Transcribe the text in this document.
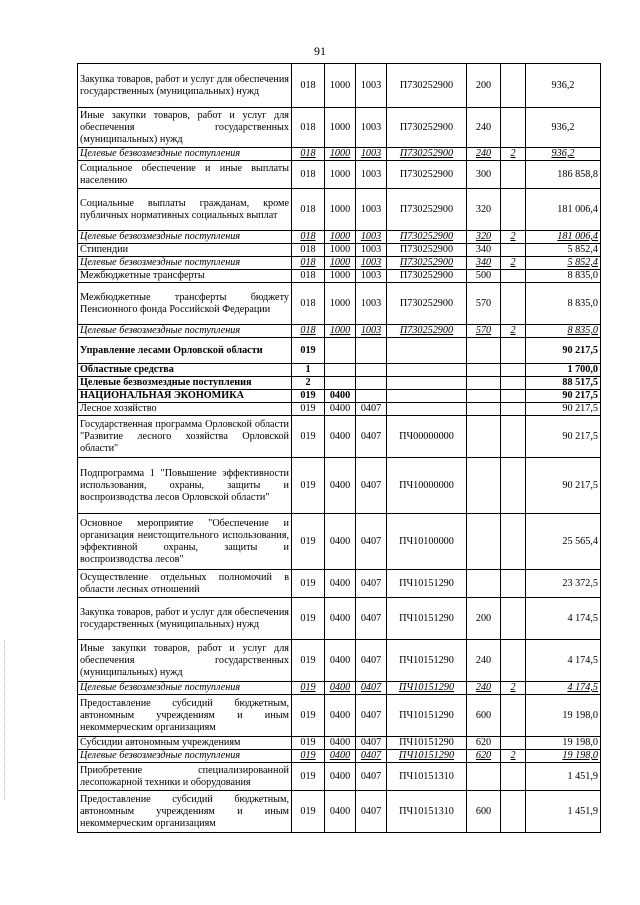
91
Закупка товаров, работ и услуг для обеспечения государственных (муниципальных) нужд	018	1000	1003	П730252900	200		936,2
Иные закупки товаров, работ и услуг для обеспечения государственных (муниципальных) нужд	018	1000	1003	П730252900	240		936,2
Целевые безвозмездные поступления	018	1000	1003	П730252900	240	2	936,2
Социальное обеспечение и иные выплаты населению	018	1000	1003	П730252900	300		186 858,8
Социальные выплаты гражданам, кроме публичных нормативных социальных выплат	018	1000	1003	П730252900	320		181 006,4
Целевые безвозмездные поступления	018	1000	1003	П730252900	320	2	181 006,4
Стипендии	018	1000	1003	П730252900	340		5 852,4
Целевые безвозмездные поступления	018	1000	1003	П730252900	340	2	5 852,4
Межбюджетные трансферты	018	1000	1003	П730252900	500		8 835,0
Межбюджетные трансферты бюджету Пенсионного фонда Российской Федерации	018	1000	1003	П730252900	570		8 835,0
Целевые безвозмездные поступления	018	1000	1003	П730252900	570	2	8 835,0
Управление лесами Орловской области	019						90 217,5
Областные средства	1						1 700,0
Целевые безвозмездные поступления	2						88 517,5
НАЦИОНАЛЬНАЯ ЭКОНОМИКА	019	0400					90 217,5
Лесное хозяйство	019	0400	0407				90 217,5
Государственная программа Орловской области "Развитие лесного хозяйства Орловской области"	019	0400	0407	ПЧ00000000			90 217,5
Подпрограмма 1 "Повышение эффективности использования, охраны, защиты и воспроизводства лесов Орловской области"	019	0400	0407	ПЧ10000000			90 217,5
Основное мероприятие "Обеспечение и организация неистощительного использования, эффективной охраны, защиты и воспроизводства лесов"	019	0400	0407	ПЧ10100000			25 565,4
Осуществление отдельных полномочий в области лесных отношений	019	0400	0407	ПЧ10151290			23 372,5
Закупка товаров, работ и услуг для обеспечения государственных (муниципальных) нужд	019	0400	0407	ПЧ10151290	200		4 174,5
Иные закупки товаров, работ и услуг для обеспечения государственных (муниципальных) нужд	019	0400	0407	ПЧ10151290	240		4 174,5
Целевые безвозмездные поступления	019	0400	0407	ПЧ10151290	240	2	4 174,5
Предоставление субсидий бюджетным, автономным учреждениям и иным некоммерческим организациям	019	0400	0407	ПЧ10151290	600		19 198,0
Субсидии автономным учреждениям	019	0400	0407	ПЧ10151290	620		19 198,0
Целевые безвозмездные поступления	019	0400	0407	ПЧ10151290	620	2	19 198,0
Приобретение специализированной лесопожарной техники и оборудования	019	0400	0407	ПЧ10151310			1 451,9
Предоставление субсидий бюджетным, автономным учреждениям и иным некоммерческим организациям	019	0400	0407	ПЧ10151310	600		1 451,9
